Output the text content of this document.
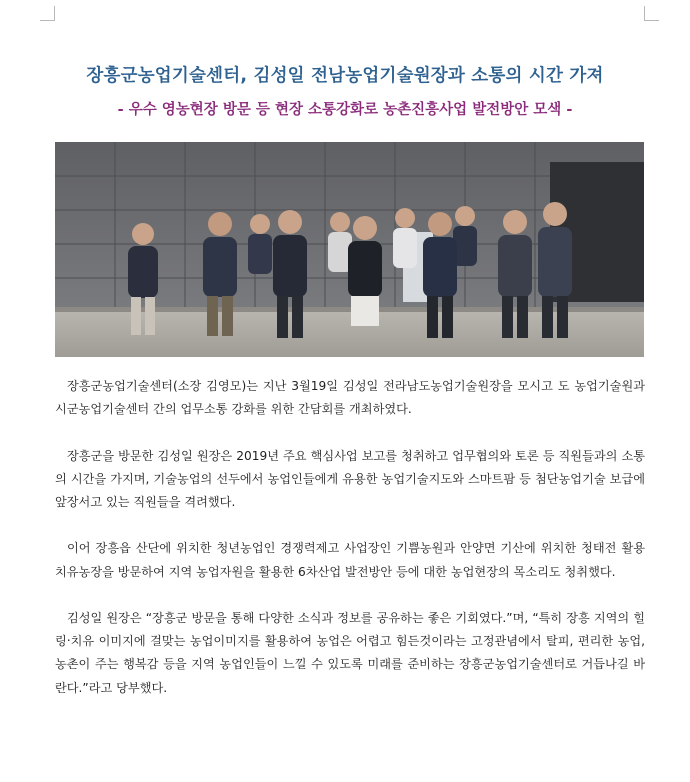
장흥군농업기술센터, 김성일 전남농업기술원장과 소통의 시간 가져
- 우수 영농현장 방문 등 현장 소통강화로 농촌진흥사업 발전방안 모색 -

장흥군농업기술센터(소장 김영모)는 지난 3월19일 김성일 전라남도농업기술원장을 모시고 도 농업기술원과 시군농업기술센터 간의 업무소통 강화를 위한 간담회를 개최하였다.

장흥군을 방문한 김성일 원장은 2019년 주요 핵심사업 보고를 청취하고 업무협의와 토론 등 직원들과의 소통의 시간을 가지며, 기술농업의 선두에서 농업인들에게 유용한 농업기술지도와 스마트팜 등 첨단농업기술 보급에 앞장서고 있는 직원들을 격려했다.

이어 장흥읍 산단에 위치한 청년농업인 경쟁력제고 사업장인 기쁨농원과 안양면 기산에 위치한 청태전 활용 치유농장을 방문하여 지역 농업자원을 활용한 6차산업 발전방안 등에 대한 농업현장의 목소리도 청취했다.

김성일 원장은 “장흥군 방문을 통해 다양한 소식과 정보를 공유하는 좋은 기회였다.”며, “특히 장흥 지역의 힐링‧치유 이미지에 걸맞는 농업이미지를 활용하여 농업은 어렵고 힘든것이라는 고정관념에서 탈피, 편리한 농업, 농촌이 주는 행복감 등을 지역 농업인들이 느낄 수 있도록 미래를 준비하는 장흥군농업기술센터로 거듭나길 바란다.”라고 당부했다.
